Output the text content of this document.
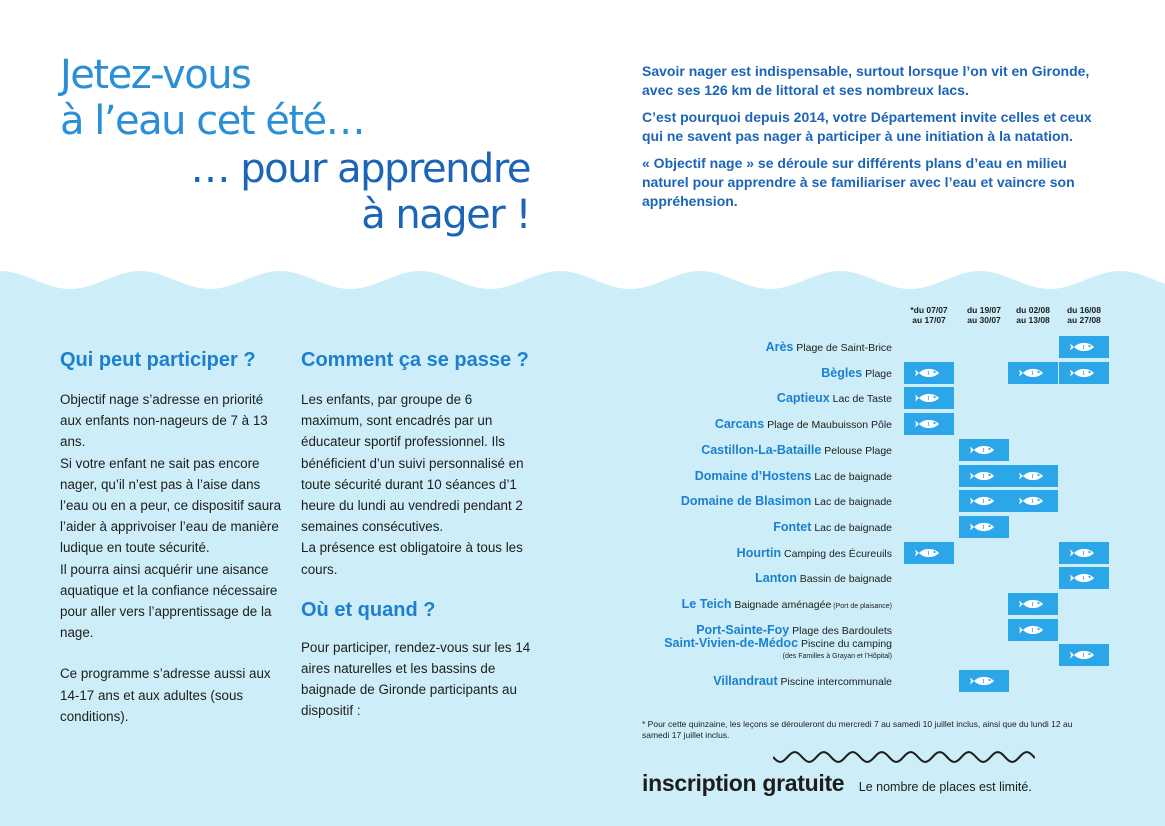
Jetez-vous
à l’eau cet été…
… pour apprendre
à nager !

Savoir nager est indispensable, surtout lorsque l’on vit en Gironde, avec ses 126 km de littoral et ses nombreux lacs.

C’est pourquoi depuis 2014, votre Département invite celles et ceux qui ne savent pas nager à participer à une initiation à la natation.

« Objectif nage » se déroule sur différents plans d’eau en milieu naturel pour apprendre à se familiariser avec l’eau et vaincre son appréhension.

Qui peut participer ?

Objectif nage s’adresse en priorité aux enfants non-nageurs de 7 à 13 ans.

Si votre enfant ne sait pas encore nager, qu’il n’est pas à l’aise dans l’eau ou en a peur, ce dispositif saura l’aider à apprivoiser l’eau de manière ludique en toute sécurité.

Il pourra ainsi acquérir une aisance aquatique et la confiance nécessaire pour aller vers l’apprentissage de la nage.

Ce programme s’adresse aussi aux 14-17 ans et aux adultes (sous conditions).

Comment ça se passe ?

Les enfants, par groupe de 6 maximum, sont encadrés par un éducateur sportif professionnel. Ils bénéficient d’un suivi personnalisé en toute sécurité durant 10 séances d’1 heure du lundi au vendredi pendant 2 semaines consécutives.

La présence est obligatoire à tous les cours.

Où et quand ?

Pour participer, rendez-vous sur les 14 aires naturelles et les bassins de baignade de Gironde participants au dispositif :

*du 07/07
au 17/07
du 19/07
au 30/07
du 02/08
au 13/08
du 16/08
au 27/08
Arès Plage de Saint-Brice
Bègles Plage
Captieux Lac de Taste
Carcans Plage de Maubuisson Pôle
Castillon-La-Bataille Pelouse Plage
Domaine d’Hostens Lac de baignade
Domaine de Blasimon Lac de baignade
Fontet Lac de baignade
Hourtin Camping des Écureuils
Lanton Bassin de baignade
Le Teich Baignade aménagée (Port de plaisance)
Port-Sainte-Foy Plage des Bardoulets
Saint-Vivien-de-Médoc Piscine du camping
(des Familles à Grayan et l’Hôpital)
Villandraut Piscine intercommunale
* Pour cette quinzaine, les leçons se dérouleront du mercredi 7 au samedi 10 juillet inclus, ainsi que du lundi 12 au samedi 17 juillet inclus.
inscription gratuite Le nombre de places est limité.
